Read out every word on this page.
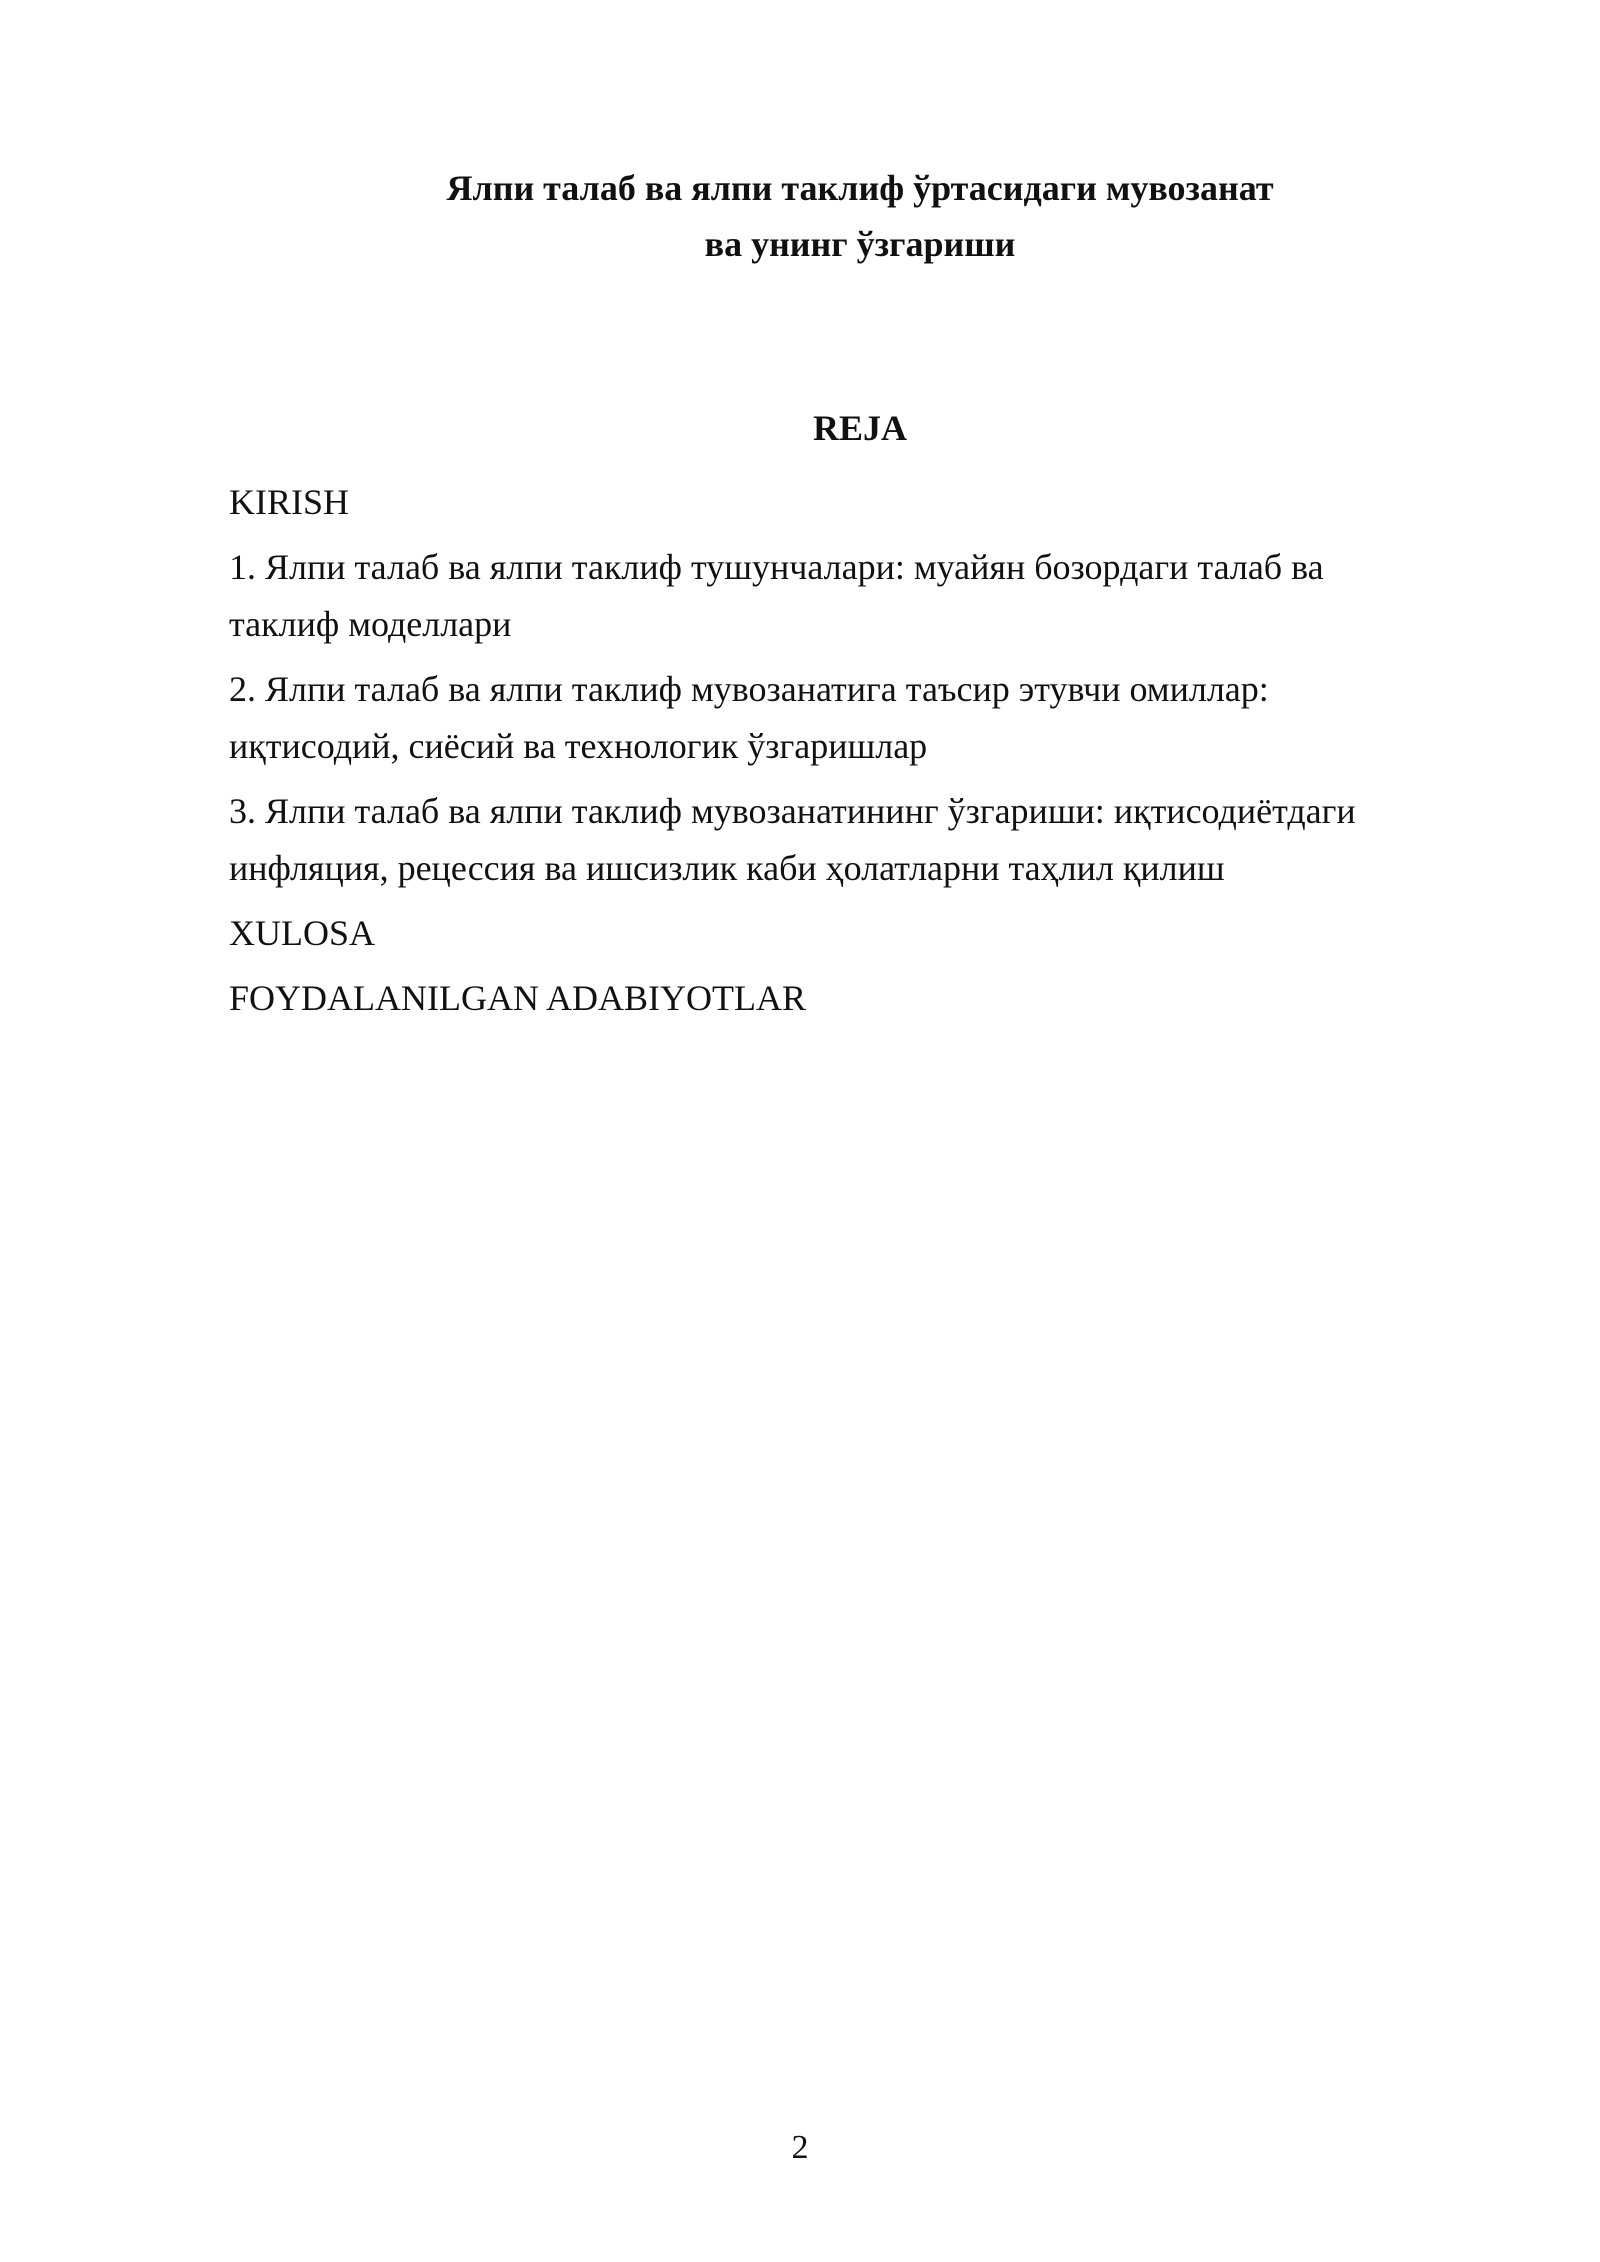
Ялпи талаб ва ялпи таклиф ўртасидаги мувозанат
ва унинг ўзгариши
REJA
KIRISH
1. Ялпи талаб ва ялпи таклиф тушунчалари: муайян бозордаги талаб ва таклиф моделлари
2. Ялпи талаб ва ялпи таклиф мувозанатига таъсир этувчи омиллар: иқтисодий, сиёсий ва технологик ўзгаришлар
3. Ялпи талаб ва ялпи таклиф мувозанатининг ўзгариши: иқтисодиётдаги инфляция, рецессия ва ишсизлик каби ҳолатларни таҳлил қилиш
XULOSA
FOYDALANILGAN ADABIYOTLAR
2
